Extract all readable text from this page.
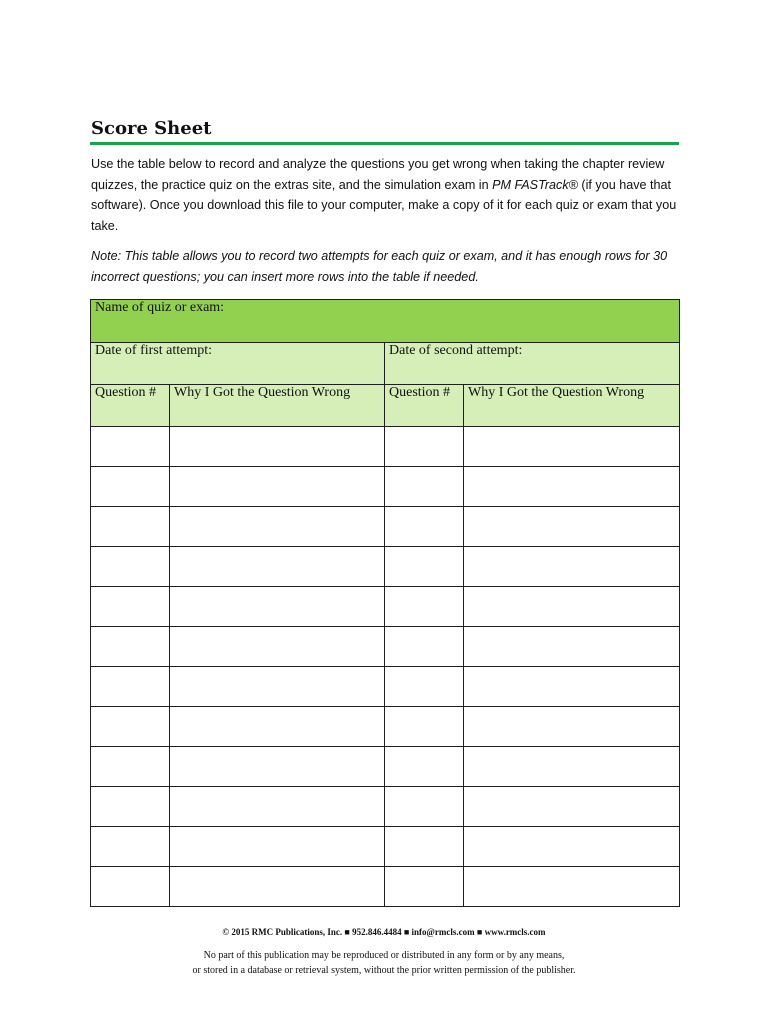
Score Sheet
Use the table below to record and analyze the questions you get wrong when taking the chapter review quizzes, the practice quiz on the extras site, and the simulation exam in PM FASTrack® (if you have that software). Once you download this file to your computer, make a copy of it for each quiz or exam that you take.
Note: This table allows you to record two attempts for each quiz or exam, and it has enough rows for 30 incorrect questions; you can insert more rows into the table if needed.
Name of quiz or exam:			
Date of first attempt:		Date of second attempt:	
Question #	Why I Got the Question Wrong	Question #	Why I Got the Question Wrong

© 2015 RMC Publications, Inc. ■ 952.846.4484 ■ info@rmcls.com ■ www.rmcls.com
No part of this publication may be reproduced or distributed in any form or by any means,
or stored in a database or retrieval system, without the prior written permission of the publisher.
